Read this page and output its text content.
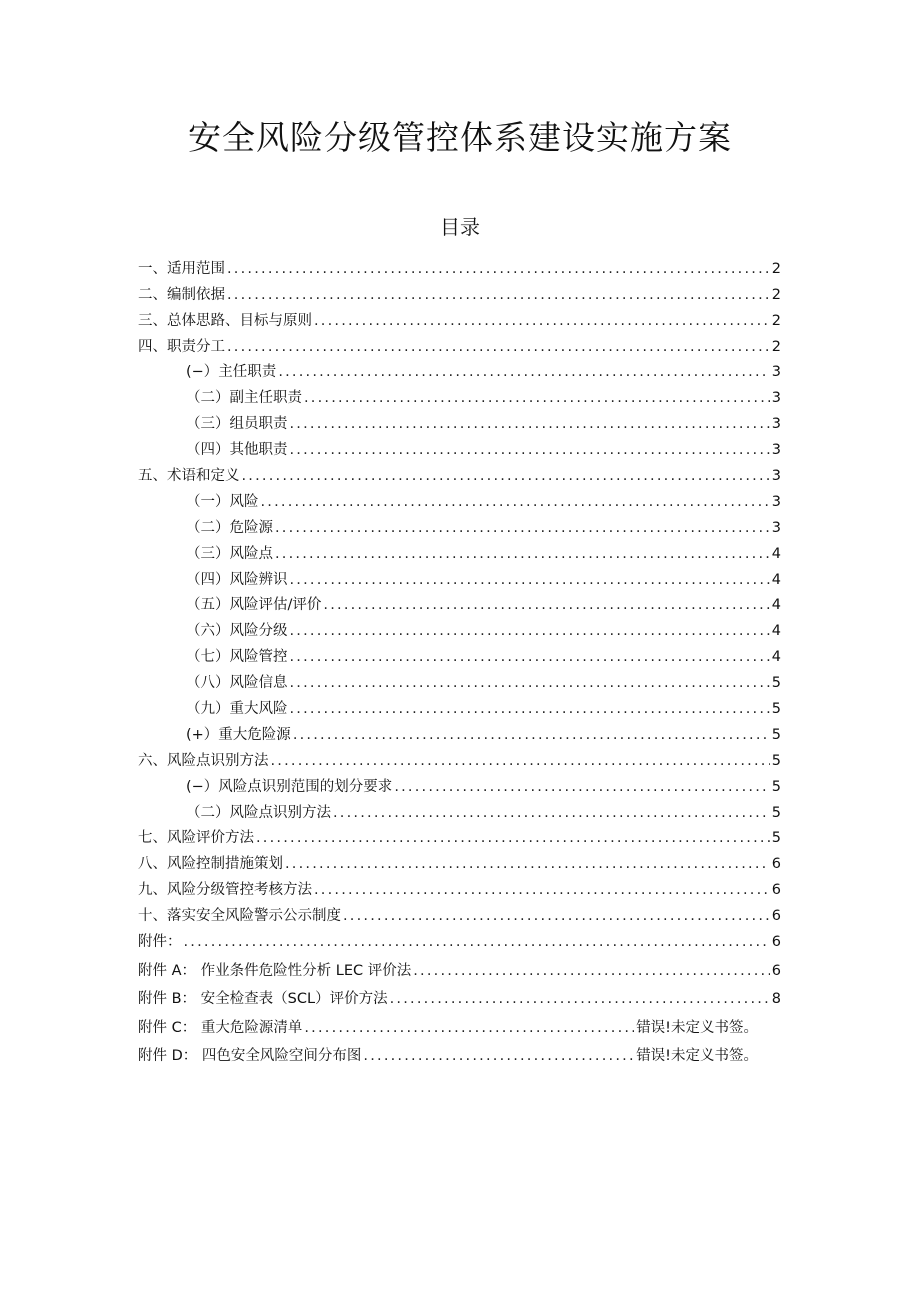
安全风险分级管控体系建设实施方案
目录
一、适用范围 .....	2
二、编制依据 .....	2
三、总体思路、目标与原则 .....	2
四、职责分工 .....	2
(−）主任职责 .....	3
（二）副主任职责 .....	3
（三）组员职责 .....	3
（四）其他职责 .....	3
五、术语和定义 .....	3
（一）风险 .....	3
（二）危险源 .....	3
（三）风险点 .....	4
（四）风险辨识 .....	4
（五）风险评估/评价 .....	4
（六）风险分级 .....	4
（七）风险管控 .....	4
（八）风险信息 .....	5
（九）重大风险 .....	5
(+）重大危险源 .....	5
六、风险点识别方法 .....	5
(−）风险点识别范围的划分要求 .....	5
（二）风险点识别方法 .....	5
七、风险评价方法 .....	5
八、风险控制措施策划 .....	6
九、风险分级管控考核方法 .....	6
十、落实安全风险警示公示制度 .....	6
附件： .....	6
附件 A： 作业条件危险性分析 LEC 评价法 .....	6
附件 B： 安全检查表（SCL）评价方法 .....	8
附件 C： 重大危险源清单 .....	错误!未定义书签。
附件 D： 四色安全风险空间分布图 .....	错误!未定义书签。
